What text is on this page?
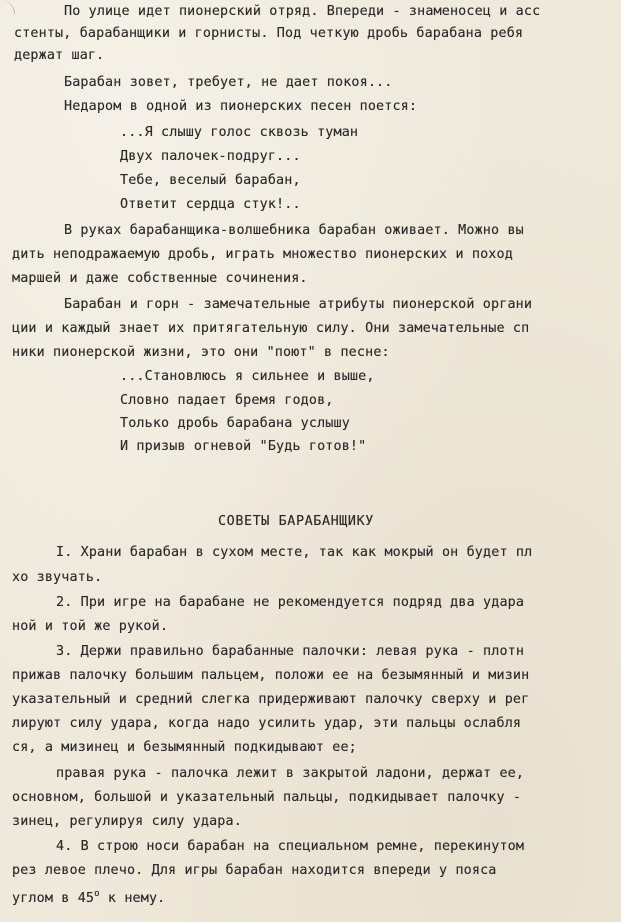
По улице идет пионерский отряд. Впереди - знаменосец и асс
стенты, барабанщики и горнисты. Под четкую дробь барабана ребя
держат шаг.
Барабан зовет, требует, не дает покоя...
Недаром в одной из пионерских песен поется:
...Я слышу голос сквозь туман
Двух палочек-подруг...
Тебе, веселый барабан,
Ответит сердца стук!..
В руках барабанщика-волшебника барабан оживает. Можно вы
дить неподражаемую дробь, играть множество пионерских и поход
маршей и даже собственные сочинения.
Барабан и горн - замечательные атрибуты пионерской органи
ции и каждый знает их притягательную силу. Они замечательные сп
ники пионерской жизни, это они "поют" в песне:
...Становлюсь я сильнее и выше,
Словно падает бремя годов,
Только дробь барабана услышу
И призыв огневой "Будь готов!"
СОВЕТЫ БАРАБАНЩИКУ
I. Храни барабан в сухом месте, так как мокрый он будет пл
хо звучать.
2. При игре на барабане не рекомендуется подряд два удара
ной и той же рукой.
3. Держи правильно барабанные палочки: левая рука - плотн
прижав палочку большим пальцем, положи ее на безымянный и мизин
указательный и средний слегка придерживают палочку сверху и рег
лируют силу удара, когда надо усилить удар, эти пальцы ослабля
ся, а мизинец и безымянный подкидывают ее;
правая рука - палочка лежит в закрытой ладони, держат ее,
основном, большой и указательный пальцы, подкидывает палочку -
зинец, регулируя силу удара.
4. В строю носи барабан на специальном ремне, перекинутом
рез левое плечо. Для игры барабан находится впереди у пояса
углом в 45$^o$ к нему.
